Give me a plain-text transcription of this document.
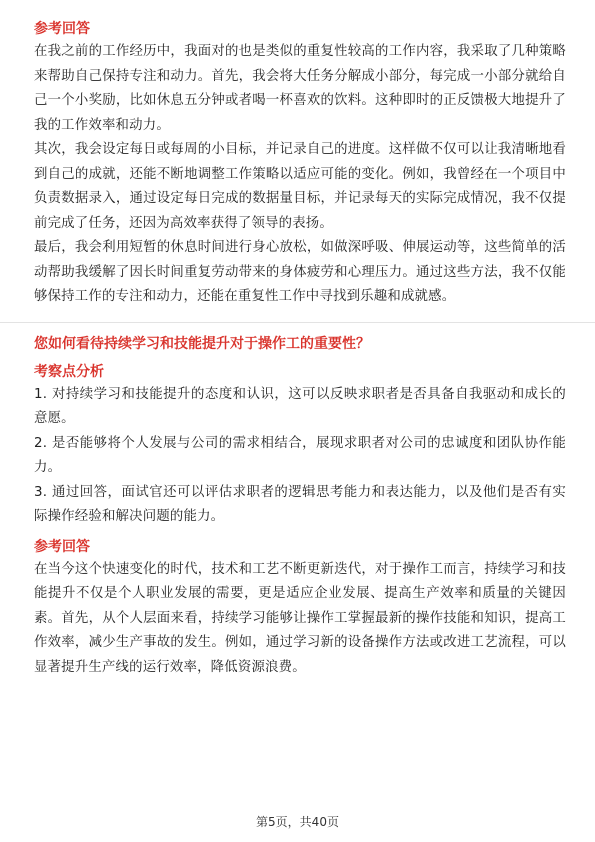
参考回答

在我之前的工作经历中，我面对的也是类似的重复性较高的工作内容，我采取了几种策略来帮助自己保持专注和动力。首先，我会将大任务分解成小部分，每完成一小部分就给自己一个小奖励，比如休息五分钟或者喝一杯喜欢的饮料。这种即时的正反馈极大地提升了我的工作效率和动力。

其次，我会设定每日或每周的小目标，并记录自己的进度。这样做不仅可以让我清晰地看到自己的成就，还能不断地调整工作策略以适应可能的变化。例如，我曾经在一个项目中负责数据录入，通过设定每日完成的数据量目标，并记录每天的实际完成情况，我不仅提前完成了任务，还因为高效率获得了领导的表扬。

最后，我会利用短暂的休息时间进行身心放松，如做深呼吸、伸展运动等，这些简单的活动帮助我缓解了因长时间重复劳动带来的身体疲劳和心理压力。通过这些方法，我不仅能够保持工作的专注和动力，还能在重复性工作中寻找到乐趣和成就感。

您如何看待持续学习和技能提升对于操作工的重要性？

考察点分析

1. 对持续学习和技能提升的态度和认识，这可以反映求职者是否具备自我驱动和成长的意愿。

2. 是否能够将个人发展与公司的需求相结合，展现求职者对公司的忠诚度和团队协作能力。

3. 通过回答，面试官还可以评估求职者的逻辑思考能力和表达能力，以及他们是否有实际操作经验和解决问题的能力。

参考回答

在当今这个快速变化的时代，技术和工艺不断更新迭代，对于操作工而言，持续学习和技能提升不仅是个人职业发展的需要，更是适应企业发展、提高生产效率和质量的关键因素。首先，从个人层面来看，持续学习能够让操作工掌握最新的操作技能和知识，提高工作效率，减少生产事故的发生。例如，通过学习新的设备操作方法或改进工艺流程，可以显著提升生产线的运行效率，降低资源浪费。

第5页，共40页
